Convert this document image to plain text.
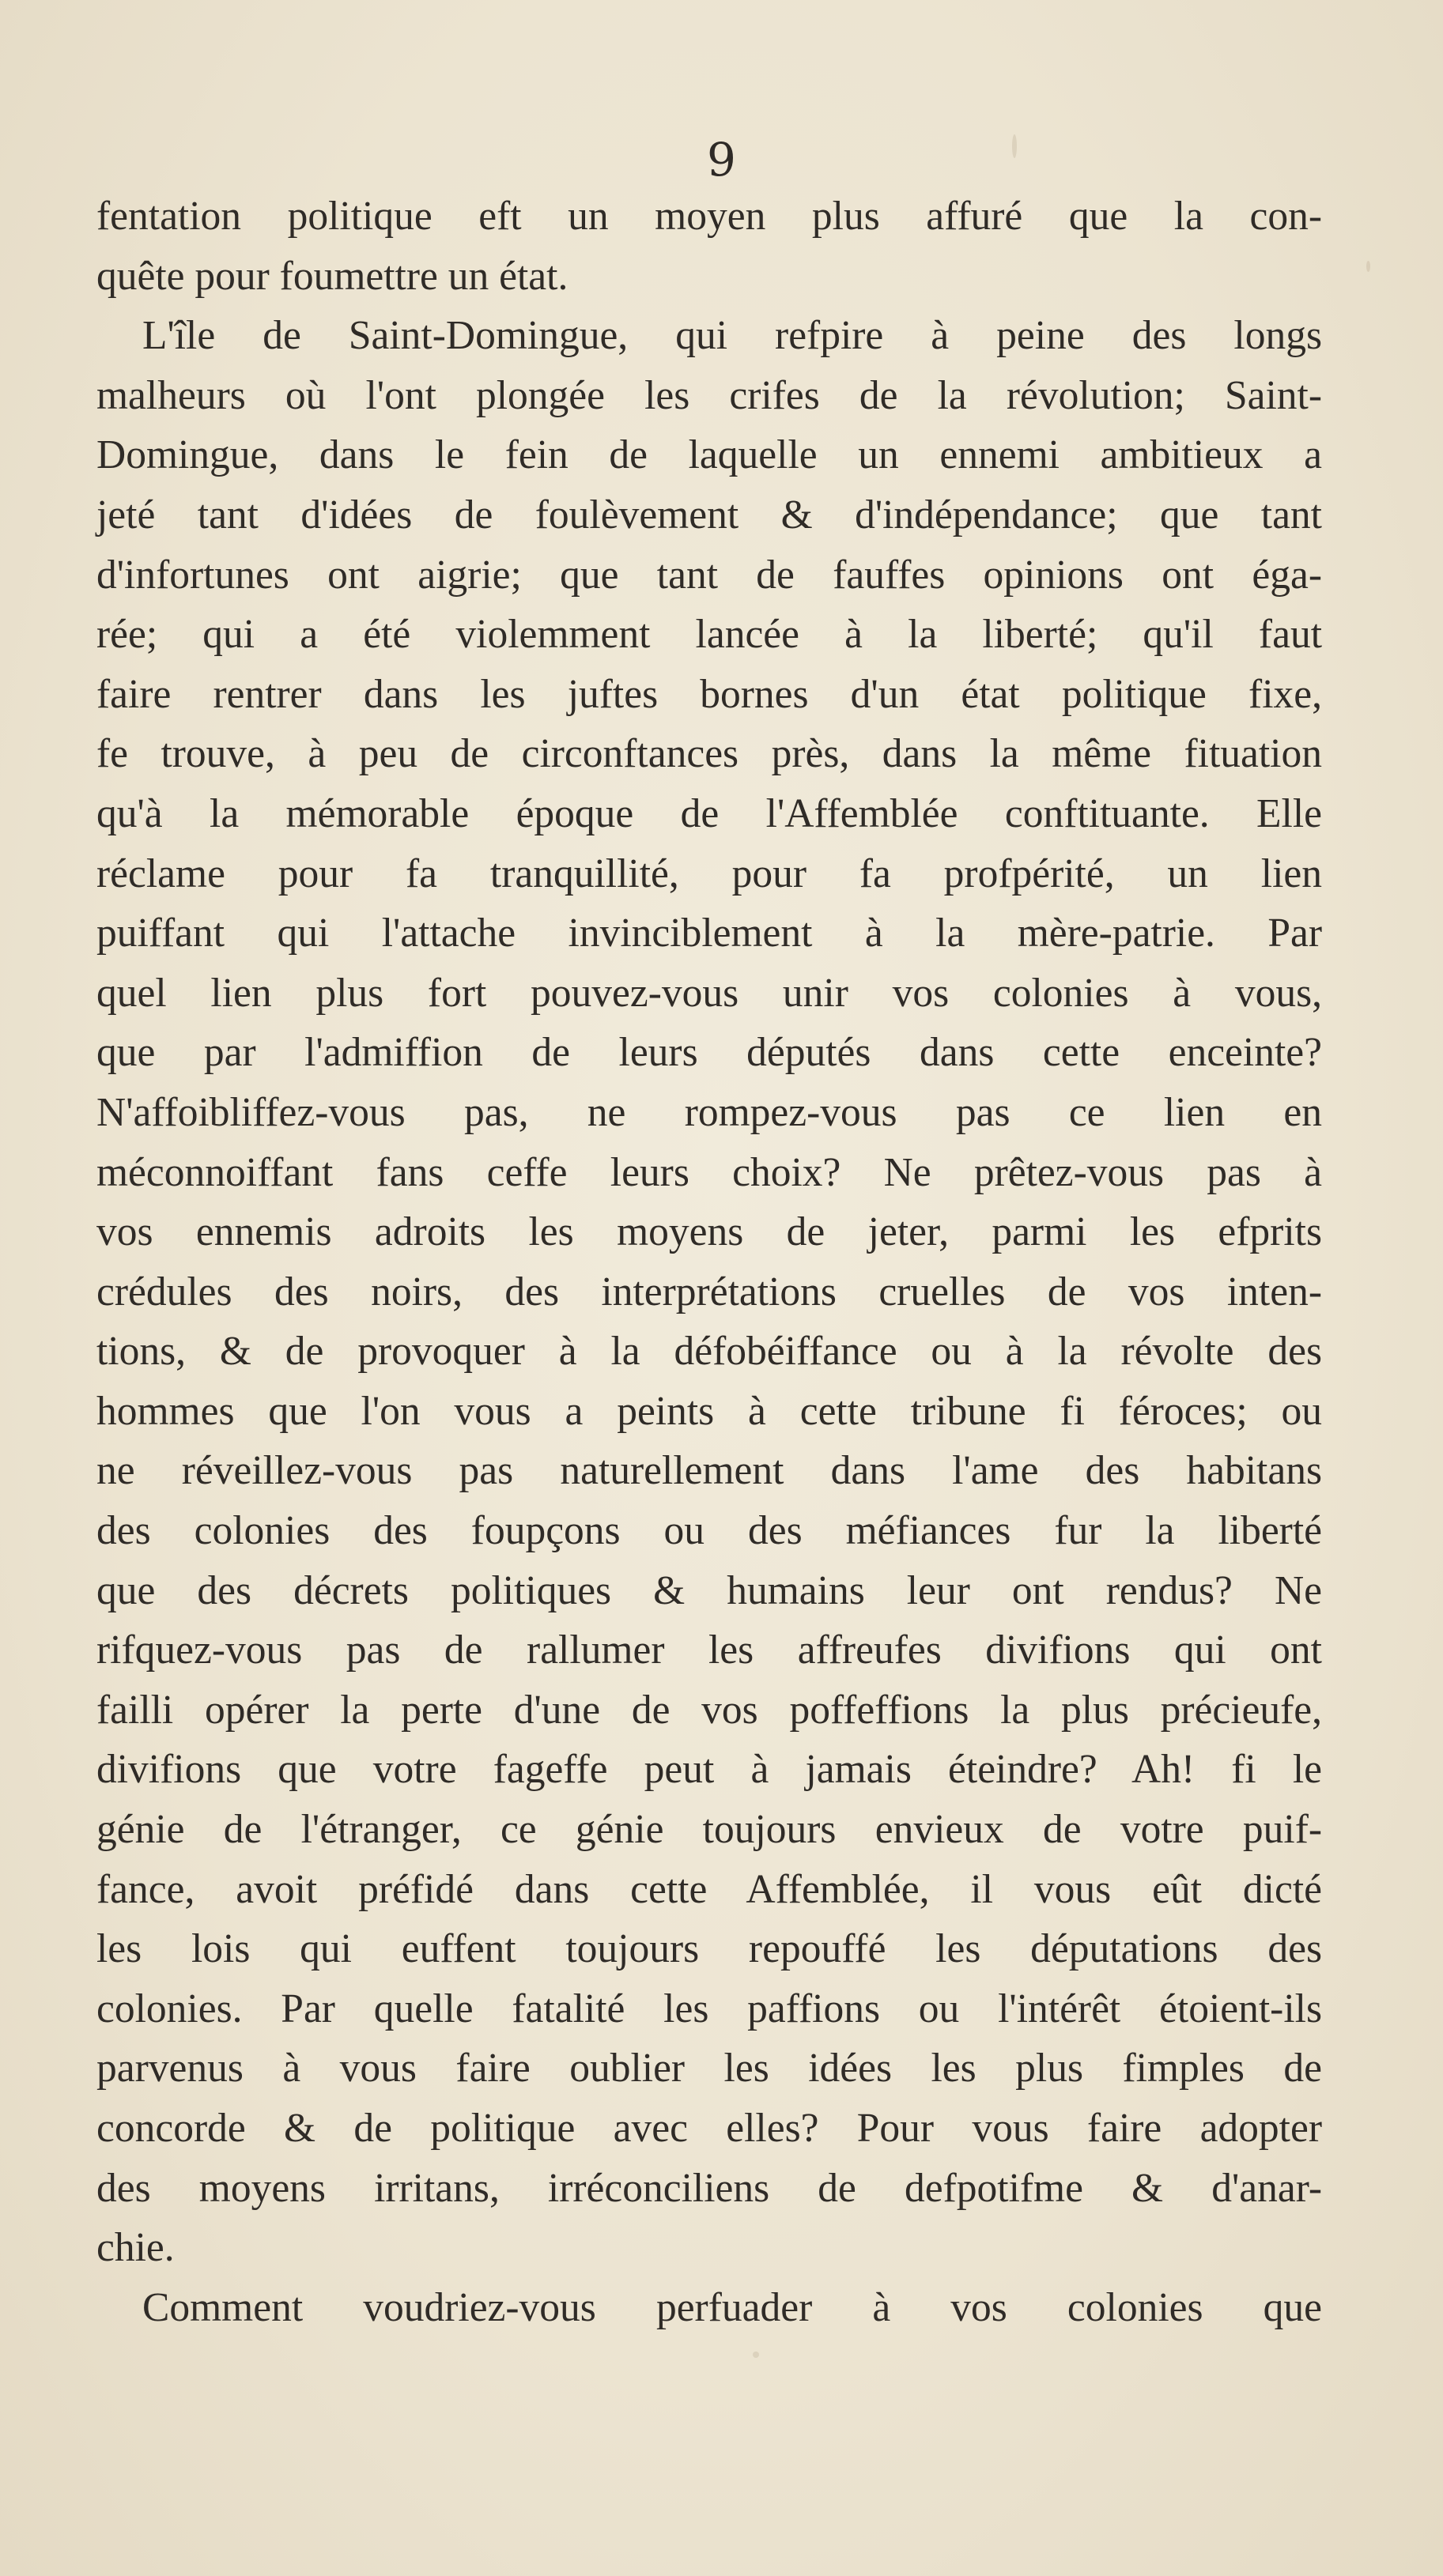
9
fentation politique eft un moyen plus affuré que la con-
quête pour foumettre un état.
L'île de Saint-Domingue, qui refpire à peine des longs
malheurs où l'ont plongée les crifes de la révolution; Saint-
Domingue, dans le fein de laquelle un ennemi ambitieux a
jeté tant d'idées de foulèvement & d'indépendance; que tant
d'infortunes ont aigrie; que tant de fauffes opinions ont éga-
rée; qui a été violemment lancée à la liberté; qu'il faut
faire rentrer dans les juftes bornes d'un état politique fixe,
fe trouve, à peu de circonftances près, dans la même fituation
qu'à la mémorable époque de l'Affemblée conftituante. Elle
réclame pour fa tranquillité, pour fa profpérité, un lien
puiffant qui l'attache invinciblement à la mère-patrie. Par
quel lien plus fort pouvez-vous unir vos colonies à vous,
que par l'admiffion de leurs députés dans cette enceinte?
N'affoibliffez-vous pas, ne rompez-vous pas ce lien en
méconnoiffant fans ceffe leurs choix? Ne prêtez-vous pas à
vos ennemis adroits les moyens de jeter, parmi les efprits
crédules des noirs, des interprétations cruelles de vos inten-
tions, & de provoquer à la défobéiffance ou à la révolte des
hommes que l'on vous a peints à cette tribune fi féroces; ou
ne réveillez-vous pas naturellement dans l'ame des habitans
des colonies des foupçons ou des méfiances fur la liberté
que des décrets politiques & humains leur ont rendus? Ne
rifquez-vous pas de rallumer les affreufes divifions qui ont
failli opérer la perte d'une de vos poffeffions la plus précieufe,
divifions que votre fageffe peut à jamais éteindre? Ah! fi le
génie de l'étranger, ce génie toujours envieux de votre puif-
fance, avoit préfidé dans cette Affemblée, il vous eût dicté
les lois qui euffent toujours repouffé les députations des
colonies. Par quelle fatalité les paffions ou l'intérêt étoient-ils
parvenus à vous faire oublier les idées les plus fimples de
concorde & de politique avec elles? Pour vous faire adopter
des moyens irritans, irréconciliens de defpotifme & d'anar-
chie.
Comment voudriez-vous perfuader à vos colonies que
